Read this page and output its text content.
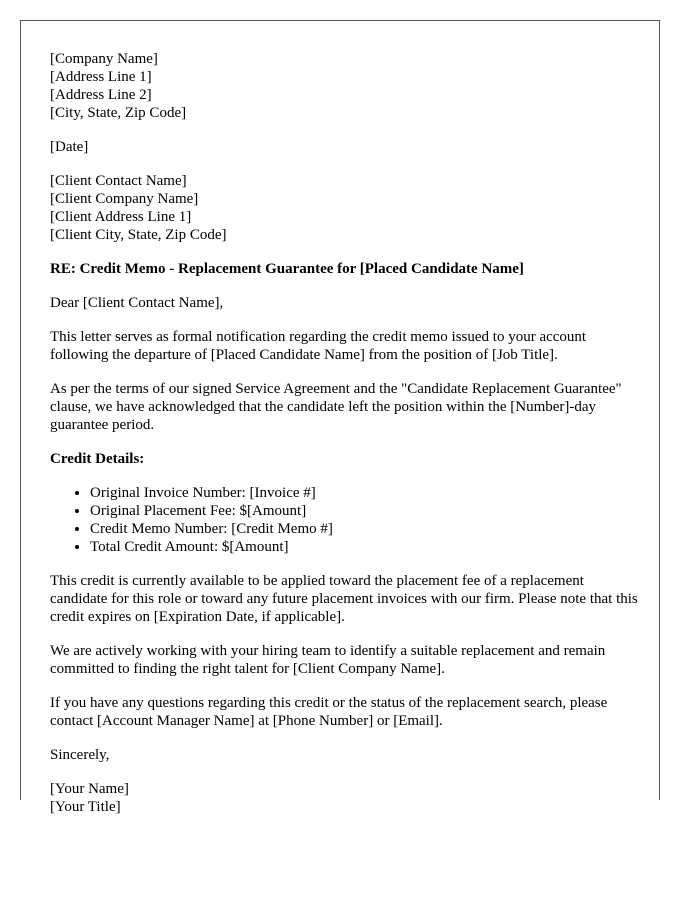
[Company Name]
[Address Line 1]
[Address Line 2]
[City, State, Zip Code]

[Date]

[Client Contact Name]
[Client Company Name]
[Client Address Line 1]
[Client City, State, Zip Code]

RE: Credit Memo - Replacement Guarantee for [Placed Candidate Name]

Dear [Client Contact Name],

This letter serves as formal notification regarding the credit memo issued to your account following the departure of [Placed Candidate Name] from the position of [Job Title].

As per the terms of our signed Service Agreement and the "Candidate Replacement Guarantee" clause, we have acknowledged that the candidate left the position within the [Number]-day guarantee period.

Credit Details:

• Original Invoice Number: [Invoice #]
• Original Placement Fee: $[Amount]
• Credit Memo Number: [Credit Memo #]
• Total Credit Amount: $[Amount]

This credit is currently available to be applied toward the placement fee of a replacement candidate for this role or toward any future placement invoices with our firm. Please note that this credit expires on [Expiration Date, if applicable].

We are actively working with your hiring team to identify a suitable replacement and remain committed to finding the right talent for [Client Company Name].

If you have any questions regarding this credit or the status of the replacement search, please contact [Account Manager Name] at [Phone Number] or [Email].

Sincerely,

[Your Name]
[Your Title]
